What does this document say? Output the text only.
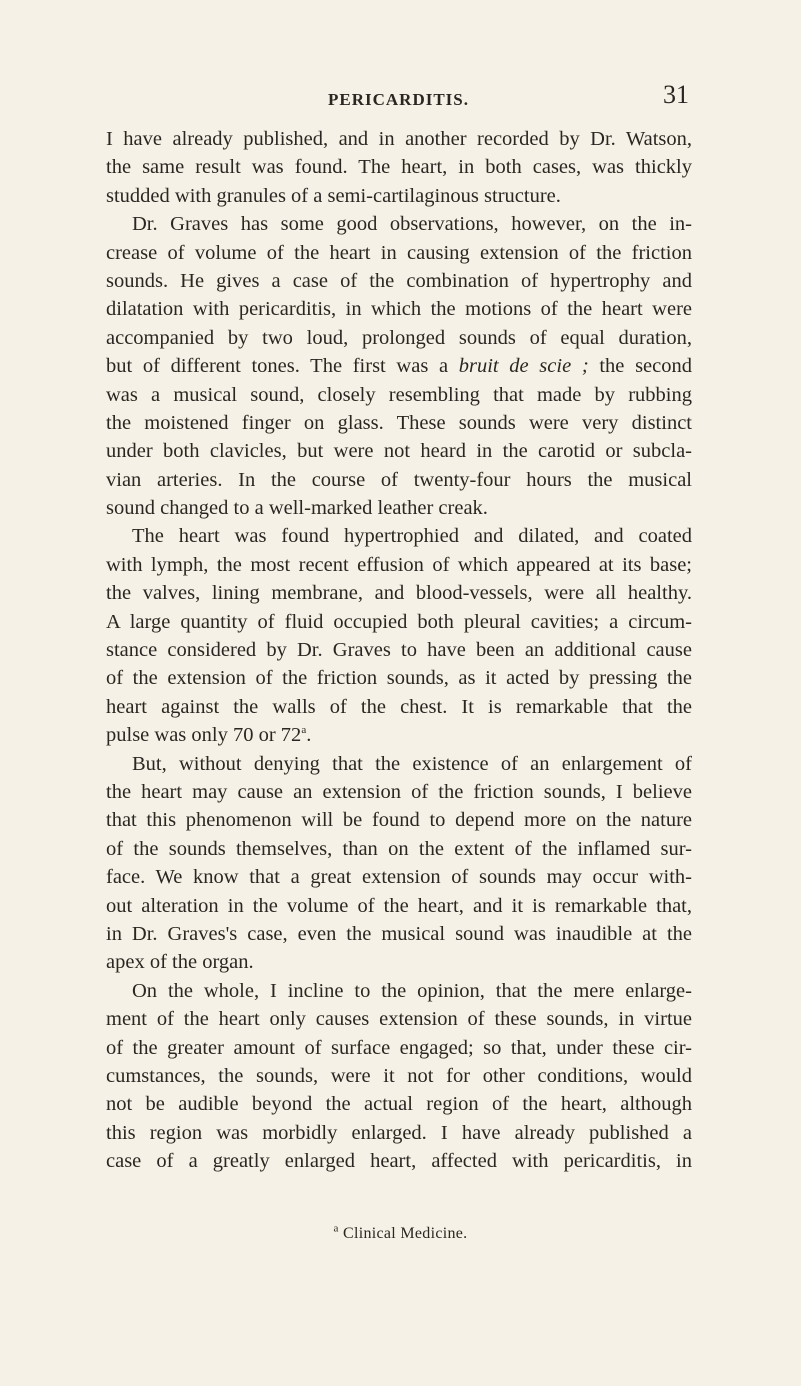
PERICARDITIS.	31
I have already published, and in another recorded by Dr. Watson,
the same result was found. The heart, in both cases, was thickly
studded with granules of a semi-cartilaginous structure.
Dr. Graves has some good observations, however, on the in-
crease of volume of the heart in causing extension of the friction
sounds. He gives a case of the combination of hypertrophy and
dilatation with pericarditis, in which the motions of the heart were
accompanied by two loud, prolonged sounds of equal duration,
but of different tones. The first was a bruit de scie ; the second
was a musical sound, closely resembling that made by rubbing
the moistened finger on glass. These sounds were very distinct
under both clavicles, but were not heard in the carotid or subcla-
vian arteries. In the course of twenty-four hours the musical
sound changed to a well-marked leather creak.
The heart was found hypertrophied and dilated, and coated
with lymph, the most recent effusion of which appeared at its base;
the valves, lining membrane, and blood-vessels, were all healthy.
A large quantity of fluid occupied both pleural cavities; a circum-
stance considered by Dr. Graves to have been an additional cause
of the extension of the friction sounds, as it acted by pressing the
heart against the walls of the chest. It is remarkable that the
pulse was only 70 or 72$^a$.
But, without denying that the existence of an enlargement of
the heart may cause an extension of the friction sounds, I believe
that this phenomenon will be found to depend more on the nature
of the sounds themselves, than on the extent of the inflamed sur-
face. We know that a great extension of sounds may occur with-
out alteration in the volume of the heart, and it is remarkable that,
in Dr. Graves's case, even the musical sound was inaudible at the
apex of the organ.
On the whole, I incline to the opinion, that the mere enlarge-
ment of the heart only causes extension of these sounds, in virtue
of the greater amount of surface engaged; so that, under these cir-
cumstances, the sounds, were it not for other conditions, would
not be audible beyond the actual region of the heart, although
this region was morbidly enlarged. I have already published a
case of a greatly enlarged heart, affected with pericarditis, in
$^a$ Clinical Medicine.
